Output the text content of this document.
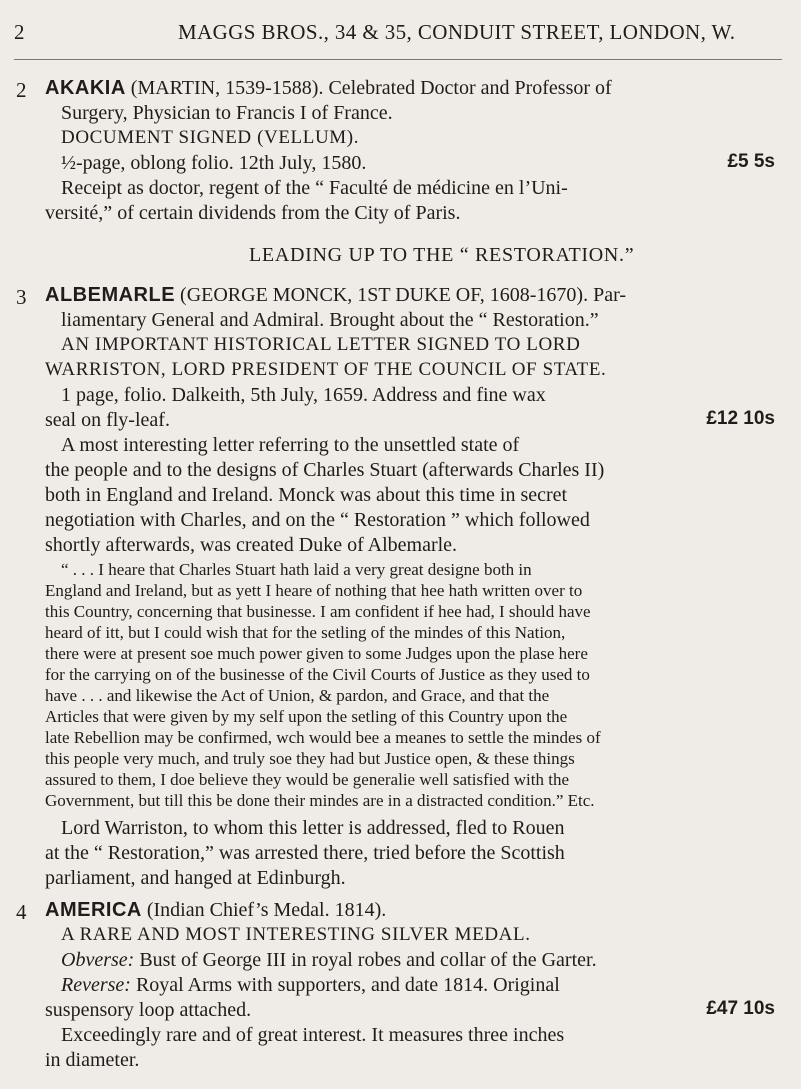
2	MAGGS BROS., 34 & 35, CONDUIT STREET, LONDON, W.
2 AKAKIA (MARTIN, 1539-1588). Celebrated Doctor and Professor of
Surgery, Physician to Francis I of France.
DOCUMENT SIGNED (VELLUM).
½-page, oblong folio. 12th July, 1580.	£5 5s
Receipt as doctor, regent of the “ Faculté de médicine en l’Uni-
versité,” of certain dividends from the City of Paris.
LEADING UP TO THE “ RESTORATION.”
3 ALBEMARLE (GEORGE MONCK, 1ST DUKE OF, 1608-1670). Par-
liamentary General and Admiral. Brought about the “ Restoration.”
AN IMPORTANT HISTORICAL LETTER SIGNED TO LORD
WARRISTON, LORD PRESIDENT OF THE COUNCIL OF STATE.
1 page, folio. Dalkeith, 5th July, 1659. Address and fine wax
seal on fly-leaf.	£12 10s
A most interesting letter referring to the unsettled state of
the people and to the designs of Charles Stuart (afterwards Charles II)
both in England and Ireland. Monck was about this time in secret
negotiation with Charles, and on the “ Restoration ” which followed
shortly afterwards, was created Duke of Albemarle.
“ . . . I heare that Charles Stuart hath laid a very great designe both in
England and Ireland, but as yett I heare of nothing that hee hath written over to
this Country, concerning that businesse. I am confident if hee had, I should have
heard of itt, but I could wish that for the setling of the mindes of this Nation,
there were at present soe much power given to some Judges upon the plase here
for the carrying on of the businesse of the Civil Courts of Justice as they used to
have . . . and likewise the Act of Union, & pardon, and Grace, and that the
Articles that were given by my self upon the setling of this Country upon the
late Rebellion may be confirmed, wch would bee a meanes to settle the mindes of
this people very much, and truly soe they had but Justice open, & these things
assured to them, I doe believe they would be generalie well satisfied with the
Government, but till this be done their mindes are in a distracted condition.” Etc.
Lord Warriston, to whom this letter is addressed, fled to Rouen
at the “ Restoration,” was arrested there, tried before the Scottish
parliament, and hanged at Edinburgh.
4 AMERICA (Indian Chief’s Medal. 1814).
A RARE AND MOST INTERESTING SILVER MEDAL.
Obverse: Bust of George III in royal robes and collar of the Garter.
Reverse: Royal Arms with supporters, and date 1814. Original
suspensory loop attached.	£47 10s
Exceedingly rare and of great interest. It measures three inches
in diameter.
